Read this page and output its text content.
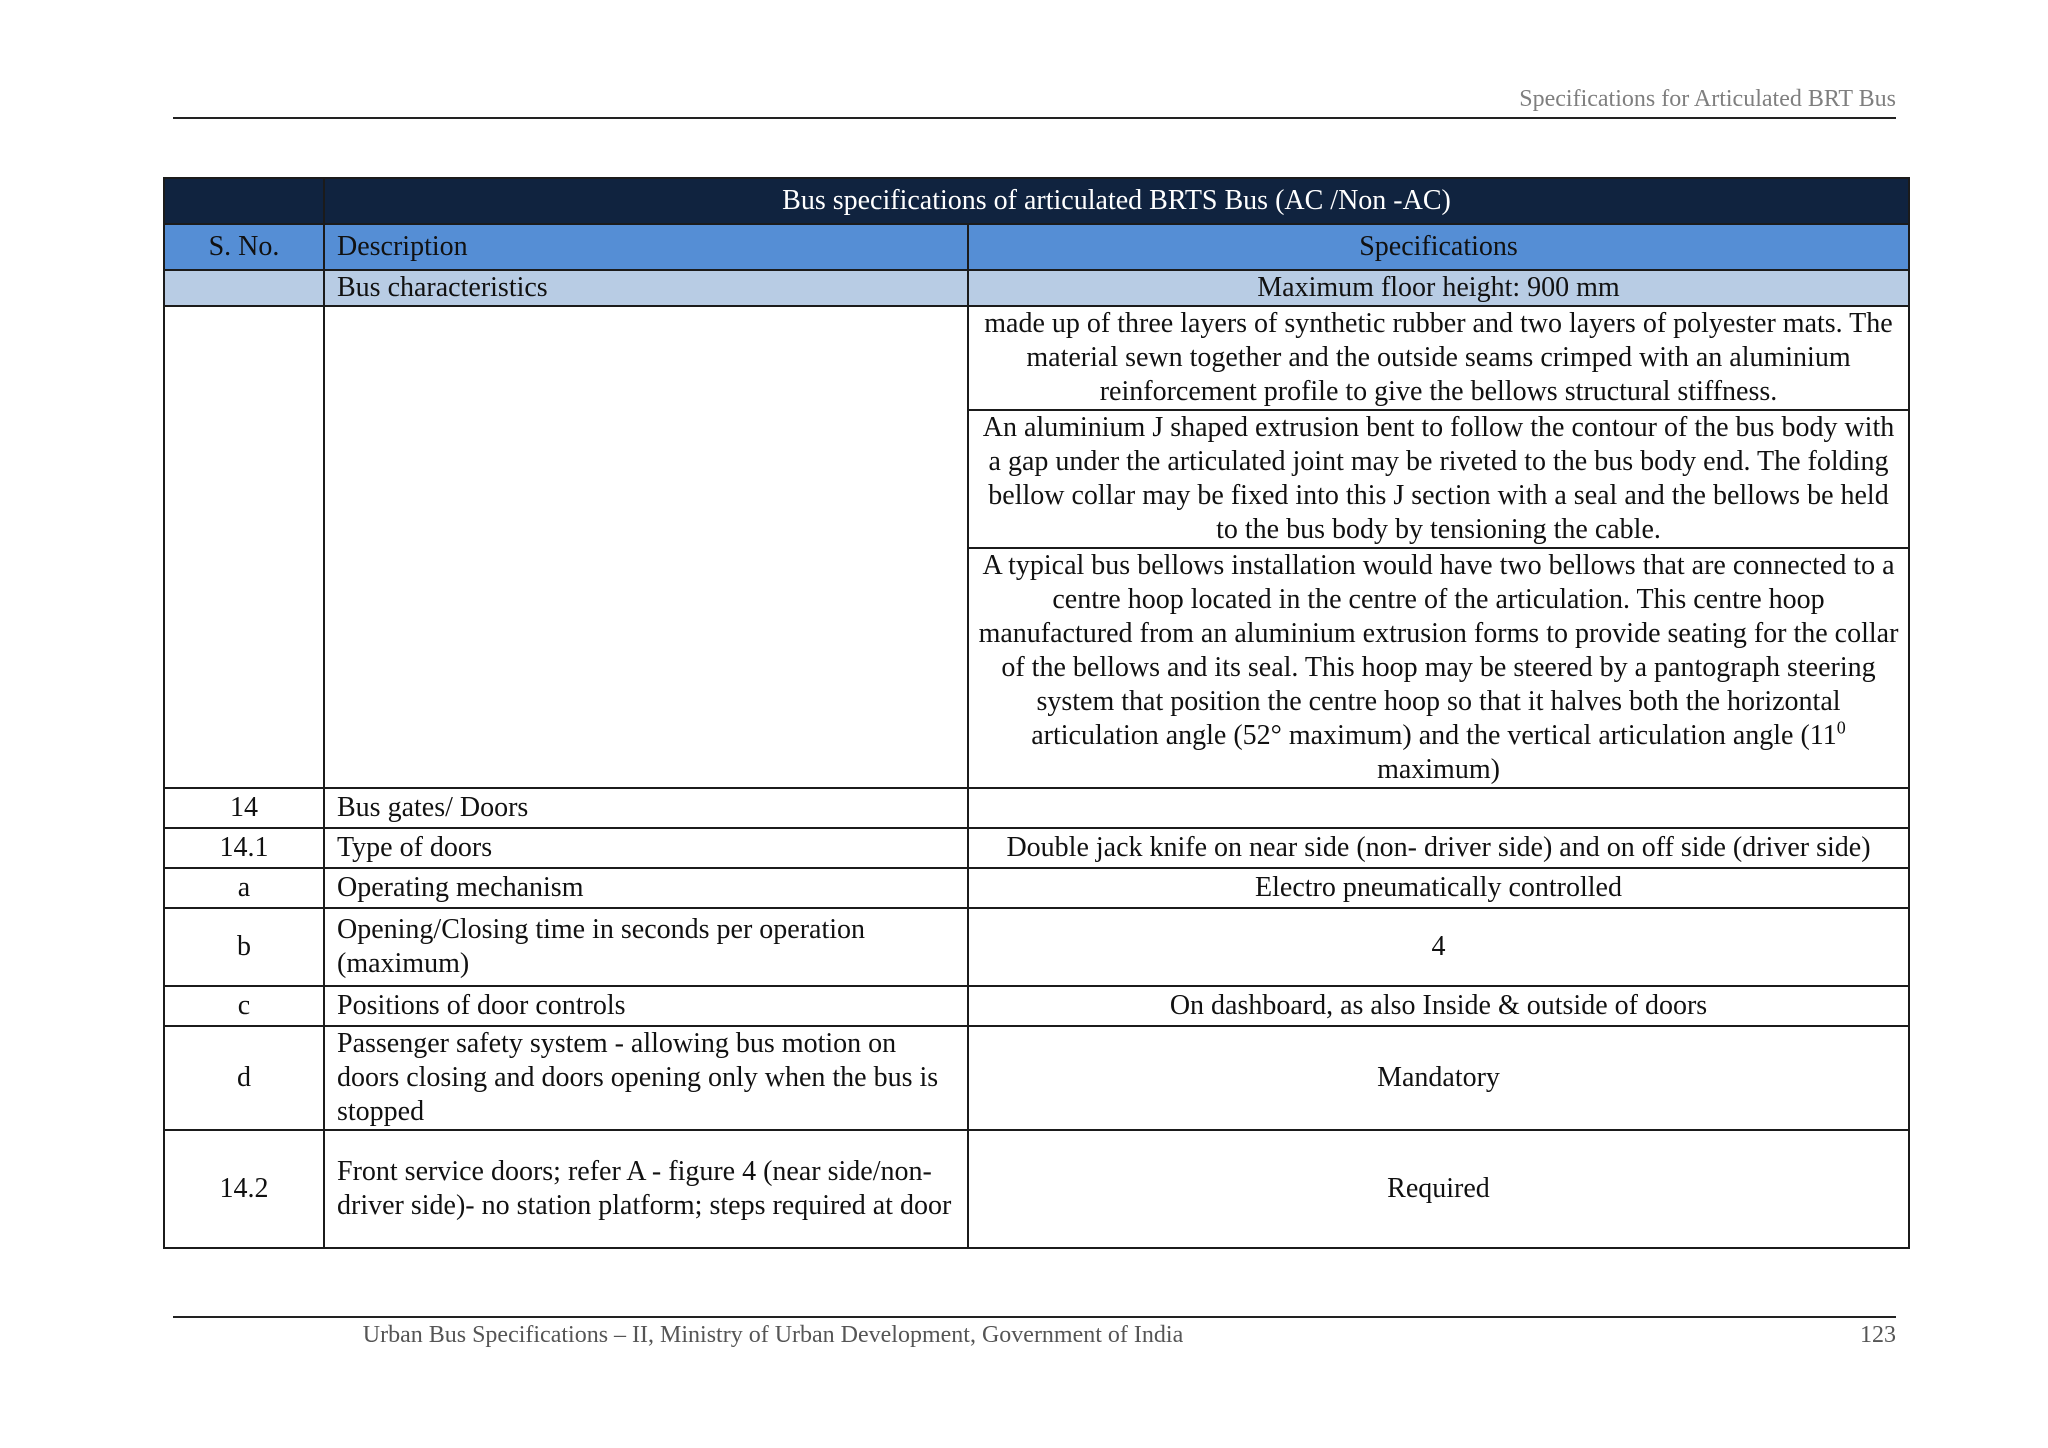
Specifications for Articulated BRT Bus
	Bus specifications of articulated BRTS Bus (AC /Non -AC)	
S. No.	Description	Specifications
	Bus characteristics	Maximum floor height: 900 mm
		made up of three layers of synthetic rubber and two layers of polyester mats. The material sewn together and the outside seams crimped with an aluminium reinforcement profile to give the bellows structural stiffness.
		An aluminium J shaped extrusion bent to follow the contour of the bus body with a gap under the articulated joint may be riveted to the bus body end. The folding bellow collar may be fixed into this J section with a seal and the bellows be held to the bus body by tensioning the cable.
		A typical bus bellows installation would have two bellows that are connected to a centre hoop located in the centre of the articulation. This centre hoop manufactured from an aluminium extrusion forms to provide seating for the collar of the bellows and its seal. This hoop may be steered by a pantograph steering system that position the centre hoop so that it halves both the horizontal articulation angle (52° maximum) and the vertical articulation angle ($11^0$ maximum)
14	Bus gates/ Doors	
14.1	Type of doors	Double jack knife on near side (non- driver side) and on off side (driver side)
a	Operating mechanism	Electro pneumatically controlled
b	Opening/Closing time in seconds per operation (maximum)	4
c	Positions of door controls	On dashboard, as also Inside & outside of doors
d	Passenger safety system - allowing bus motion on doors closing and doors opening only when the bus is stopped	Mandatory
14.2	Front service doors; refer A - figure 4 (near side/non-driver side)- no station platform; steps required at door	Required
Urban Bus Specifications – II, Ministry of Urban Development, Government of India	123
